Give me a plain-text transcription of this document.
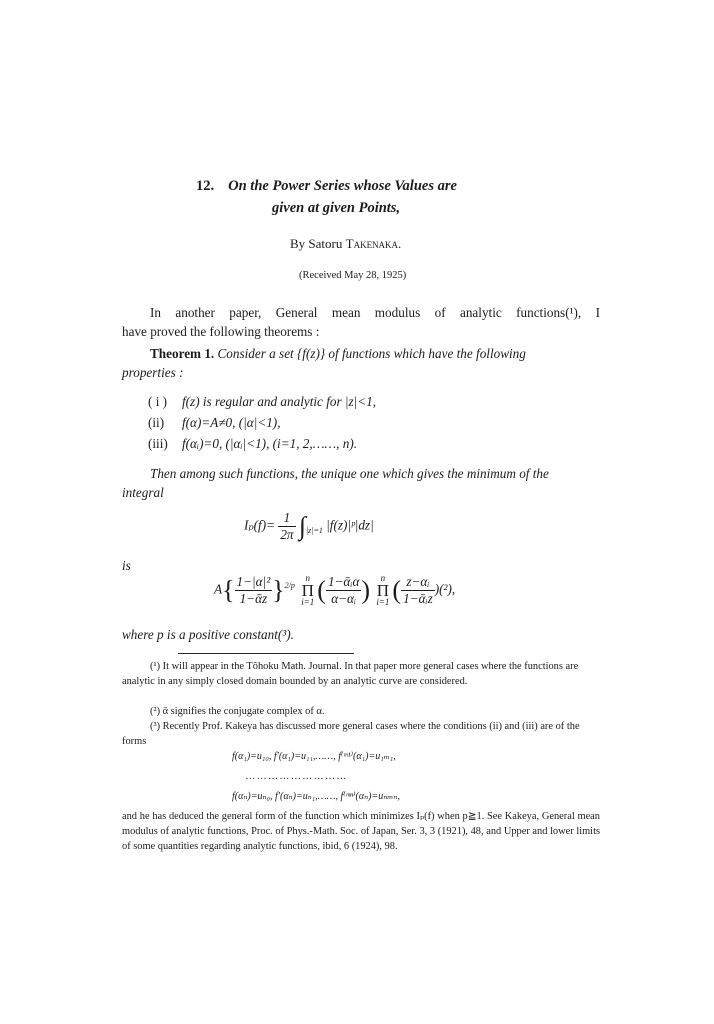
12. On the Power Series whose Values are
given at given Points,
By Satoru Takenaka.
(Received May 28, 1925)

In another paper, General mean modulus of analytic functions(¹), I

have proved the following theorems :

Theorem 1. Consider a set {f(z)} of functions which have the following

properties :

( i ) f(z) is regular and analytic for |z|<1,
(ii) f(α)=A≠0, (|α|<1),
(iii) f(αᵢ)=0, (|αᵢ|<1), (i=1, 2,……, n).

Then among such functions, the unique one which gives the minimum of the

integral

$I_p(f)= \frac{1}{2\pi} \int_{|z|=1}$ |f(z)|ᵖ|dz|
is
$A\{ \frac{\text{1−|α|²}}{\text{1−ᾱz}} \}^{2/p}$ n
Π
i=1 ( $\frac{\text{1−ᾱᵢα}}{\text{α−αᵢ}}$ ) n
Π
i=1 ( $\frac{\text{z−αᵢ}}{\text{1−ᾱᵢz}} )(^2)$,
where p is a positive constant(³).

(¹) It will appear in the Tôhoku Math. Journal. In that paper more general cases where the functions are analytic in any simply closed domain bounded by an analytic curve are considered.

(²) ᾱ signifies the conjugate complex of α.

(³) Recently Prof. Kakeya has discussed more general cases where the conditions (ii) and (iii) are of the forms

f(α₁)=u₁₀, f′(α₁)=u₁₁,……, f⁽ᵐ¹⁾(α₁)=u₁ₘ₁,
… … … … … … … … …
f(αₙ)=uₙ₀, f′(αₙ)=uₙ₁,……, f⁽ᵐⁿ⁾(αₙ)=uₙₘₙ,

and he has deduced the general form of the function which minimizes Iₚ(f) when p≧1. See Kakeya, General mean modulus of analytic functions, Proc. of Phys.-Math. Soc. of Japan, Ser. 3, 3 (1921), 48, and Upper and lower limits of some quantities regarding analytic functions, ibid, 6 (1924), 98.
